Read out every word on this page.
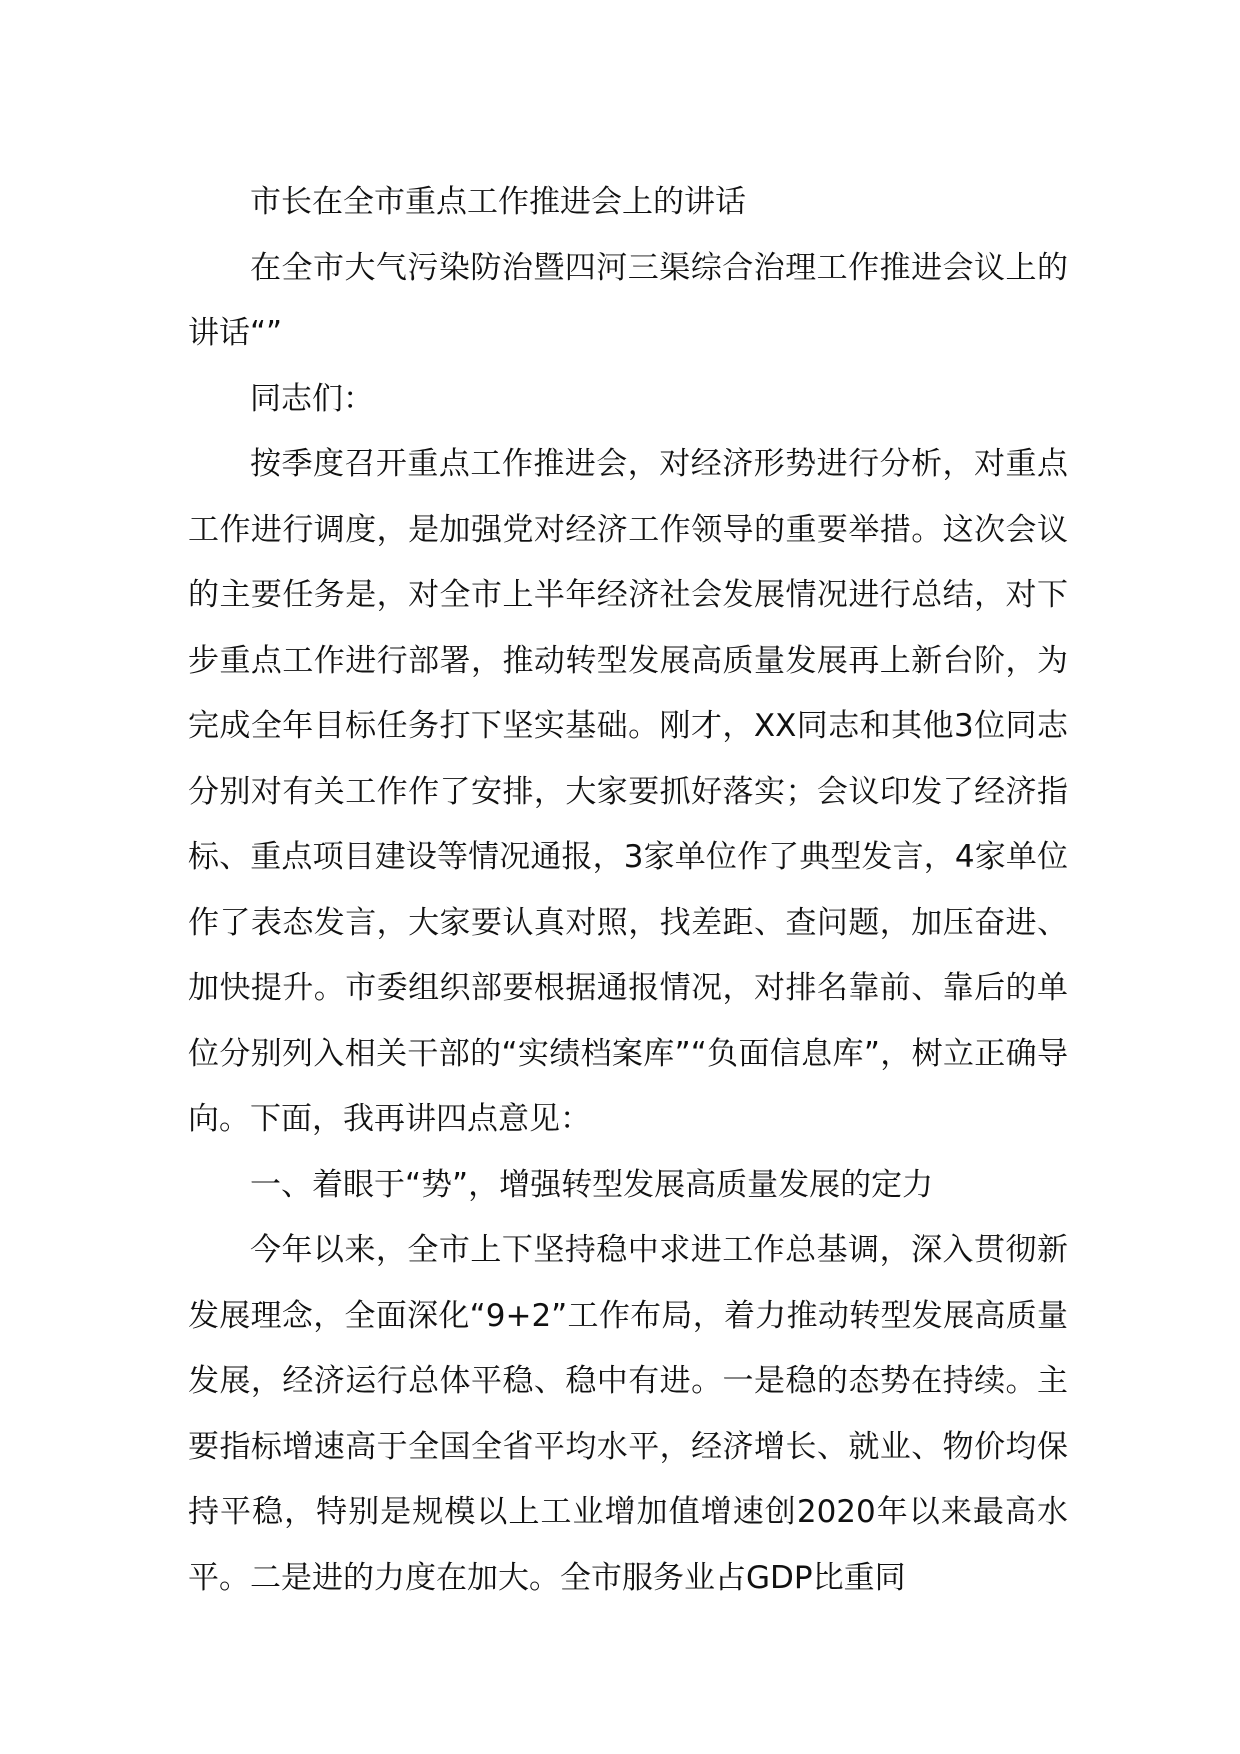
市长在全市重点工作推进会上的讲话

在全市大气污染防治暨四河三渠综合治理工作推进会议上的讲话“”

同志们：

按季度召开重点工作推进会，对经济形势进行分析，对重点工作进行调度，是加强党对经济工作领导的重要举措。这次会议的主要任务是，对全市上半年经济社会发展情况进行总结，对下步重点工作进行部署，推动转型发展高质量发展再上新台阶，为完成全年目标任务打下坚实基础。刚才，XX同志和其他3位同志分别对有关工作作了安排，大家要抓好落实；会议印发了经济指标、重点项目建设等情况通报，3家单位作了典型发言，4家单位作了表态发言，大家要认真对照，找差距、查问题，加压奋进、加快提升。市委组织部要根据通报情况，对排名靠前、靠后的单位分别列入相关干部的“实绩档案库”“负面信息库”，树立正确导向。下面，我再讲四点意见：

一、着眼于“势”，增强转型发展高质量发展的定力

今年以来，全市上下坚持稳中求进工作总基调，深入贯彻新发展理念，全面深化“9+2”工作布局，着力推动转型发展高质量发展，经济运行总体平稳、稳中有进。一是稳的态势在持续。主要指标增速高于全国全省平均水平，经济增长、就业、物价均保持平稳，特别是规模以上工业增加值增速创2020年以来最高水平。二是进的力度在加大。全市服务业占GDP比重同
